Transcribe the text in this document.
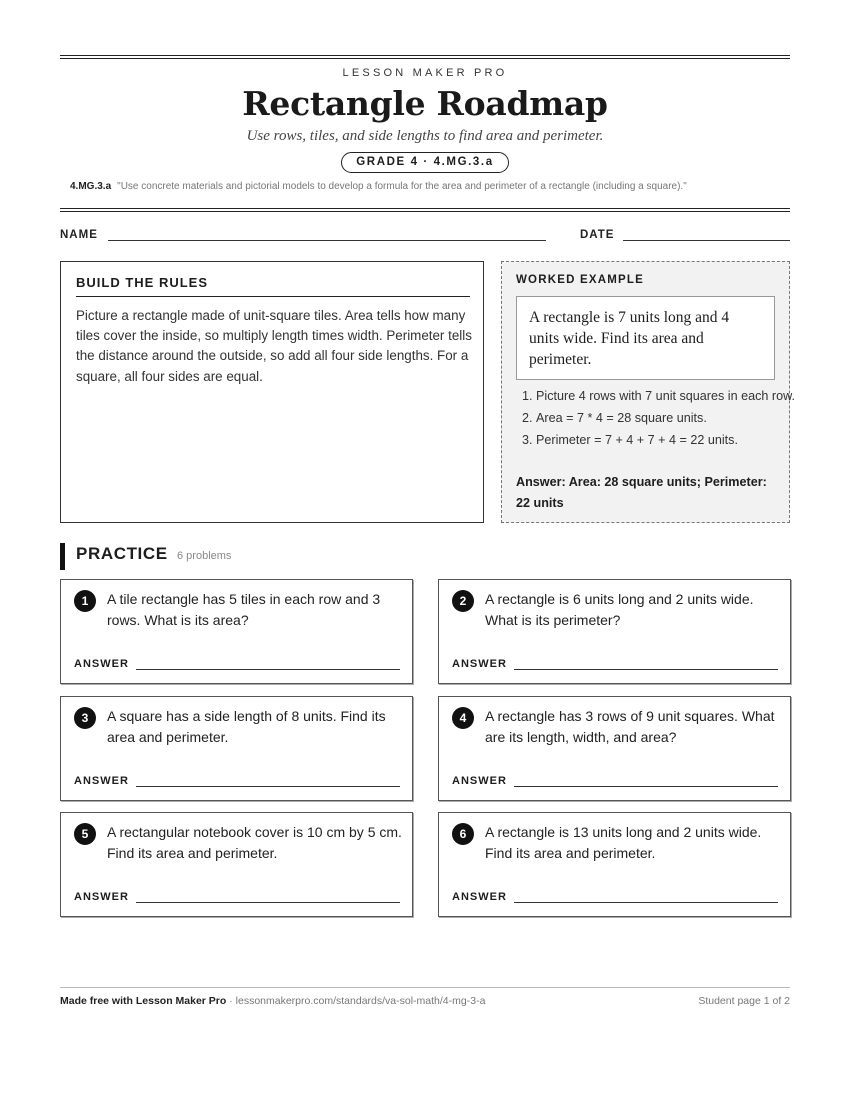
LESSON MAKER PRO
Rectangle Roadmap
Use rows, tiles, and side lengths to find area and perimeter.
GRADE 4 · 4.MG.3.a
4.MG.3.a "Use concrete materials and pictorial models to develop a formula for the area and perimeter of a rectangle (including a square)."
NAME	DATE
BUILD THE RULES
Picture a rectangle made of unit-square tiles. Area tells how many tiles cover the inside, so multiply length times width. Perimeter tells the distance around the outside, so add all four side lengths. For a square, all four sides are equal.
WORKED EXAMPLE
A rectangle is 7 units long and 4 units wide. Find its area and perimeter.
1. Picture 4 rows with 7 unit squares in each row.
2. Area = 7 * 4 = 28 square units.
3. Perimeter = 7 + 4 + 7 + 4 = 22 units.
Answer: Area: 28 square units; Perimeter: 22 units
PRACTICE 6 problems
1	A tile rectangle has 5 tiles in each row and 3 rows. What is its area?
ANSWER
2	A rectangle is 6 units long and 2 units wide. What is its perimeter?
ANSWER
3	A square has a side length of 8 units. Find its area and perimeter.
ANSWER
4	A rectangle has 3 rows of 9 unit squares. What are its length, width, and area?
ANSWER
5	A rectangular notebook cover is 10 cm by 5 cm. Find its area and perimeter.
ANSWER
6	A rectangle is 13 units long and 2 units wide. Find its area and perimeter.
ANSWER
Made free with Lesson Maker Pro · lessonmakerpro.com/standards/va-sol-math/4-mg-3-a	Student page 1 of 2
